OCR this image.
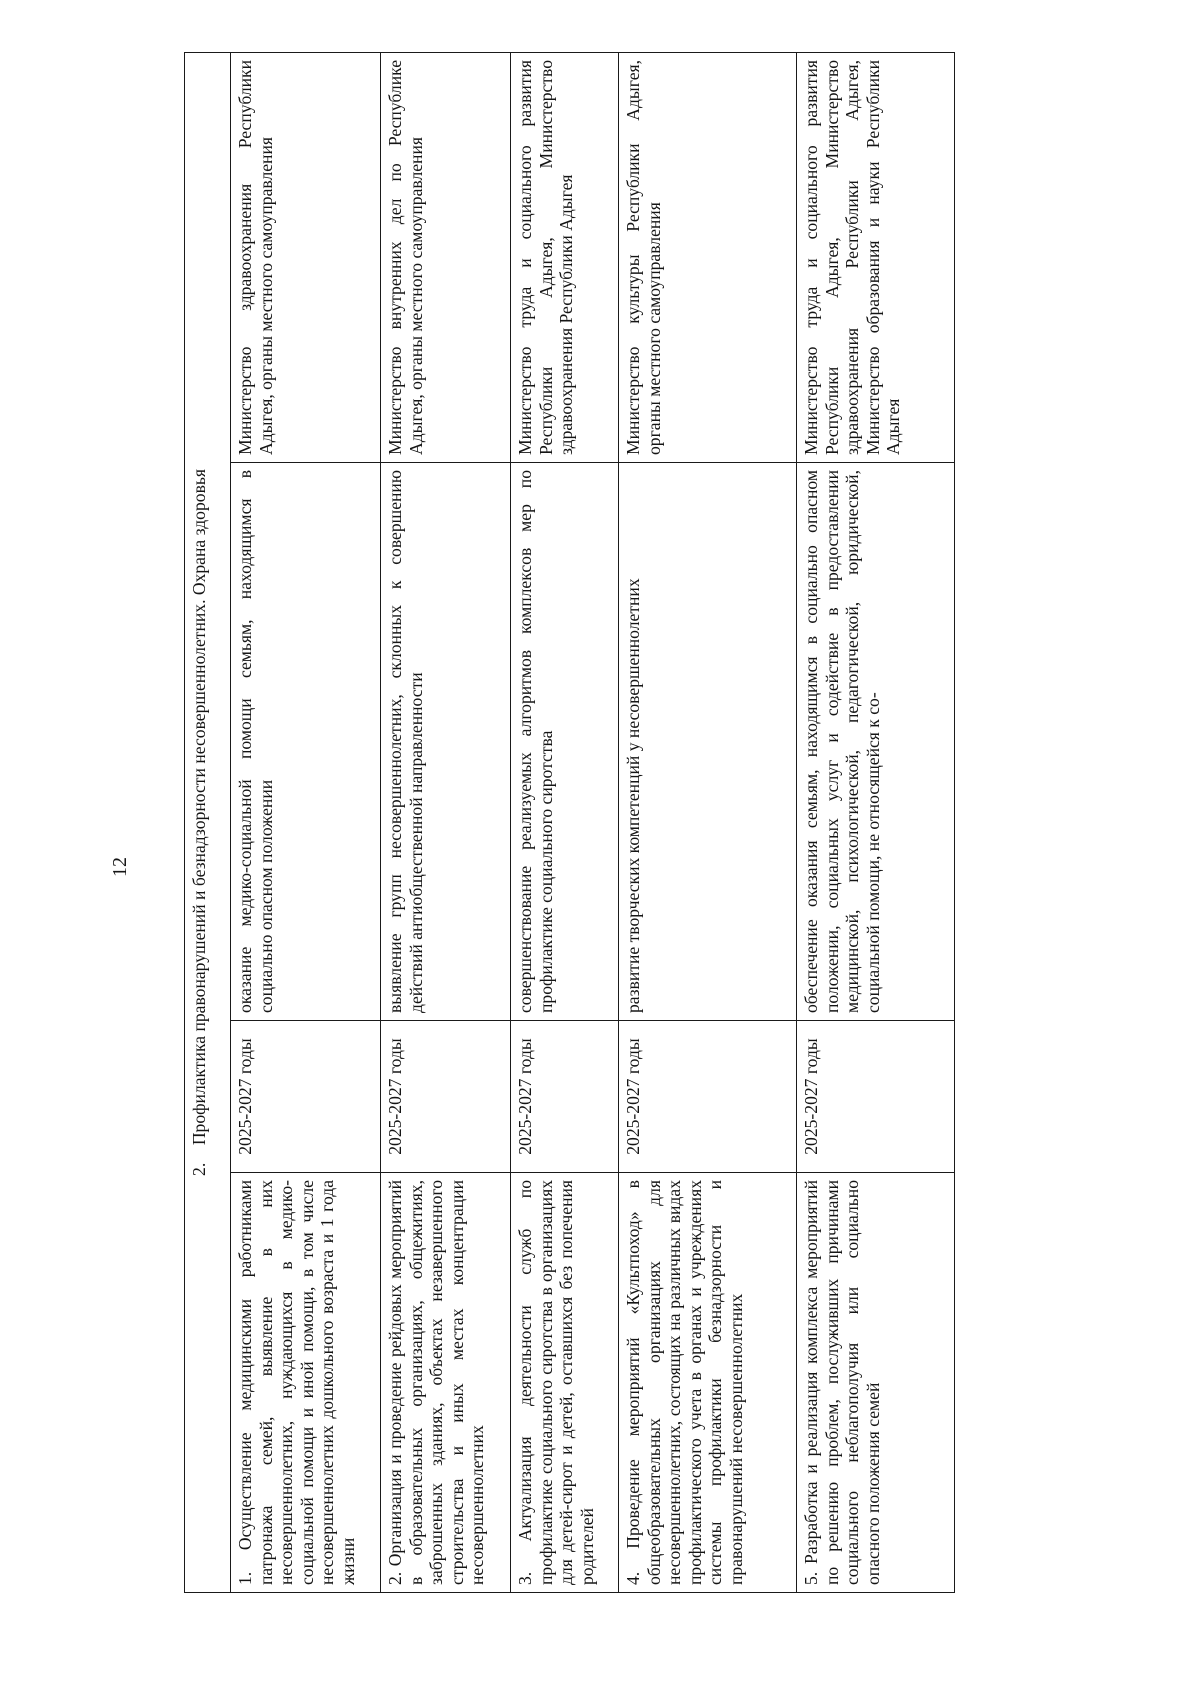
12
2.    Профилактика правонарушений и безнадзорности несовершеннолетних. Охрана здоровья			
1. Осуществление медицинскими работниками патронажа семей, выявление в них несовершеннолетних, нуждающихся в медико-социальной помощи и иной помощи, в том числе несовершеннолетних дошкольного возраста и 1 года жизни	2025-2027 годы	оказание медико-социальной помощи семьям, находящимся в социально опасном положении	Министерство здравоохранения Республики Адыгея, органы местного самоуправления
2. Организация и проведение рейдовых мероприятий в образовательных организациях, общежитиях, заброшенных зданиях, объектах незавершенного строительства и иных местах концентрации несовершеннолетних	2025-2027 годы	выявление групп несовершеннолетних, склонных к совершению действий антиобщественной направленности	Министерство внутренних дел по Республике Адыгея, органы местного самоуправления
3. Актуализация деятельности служб по профилактике социального сиротства в организациях для детей-сирот и детей, оставшихся без попечения родителей	2025-2027 годы	совершенствование реализуемых алгоритмов комплексов мер по профилактике социального сиротства	Министерство труда и социального развития Республики Адыгея, Министерство здравоохранения Республики Адыгея
4. Проведение мероприятий «Культпоход» в общеобразовательных организациях для несовершеннолетних, состоящих на различных видах профилактического учета в органах и учреждениях системы профилактики безнадзорности и правонарушений несовершеннолетних	2025-2027 годы	развитие творческих компетенций у несовершеннолетних	Министерство культуры Республики Адыгея, органы местного самоуправления
5. Разработка и реализация комплекса мероприятий по решению проблем, послуживших причинами социального неблагополучия или социально опасного положения семей	2025-2027 годы	обеспечение оказания семьям, находящимся в социально опасном положении, социальных услуг и содействие в предоставлении медицинской, психологической, педагогической, юридической, социальной помощи, не относящейся к со-	Министерство труда и социального развития Республики Адыгея, Министерство здравоохранения Республики Адыгея, Министерство образования и науки Республики Адыгея
